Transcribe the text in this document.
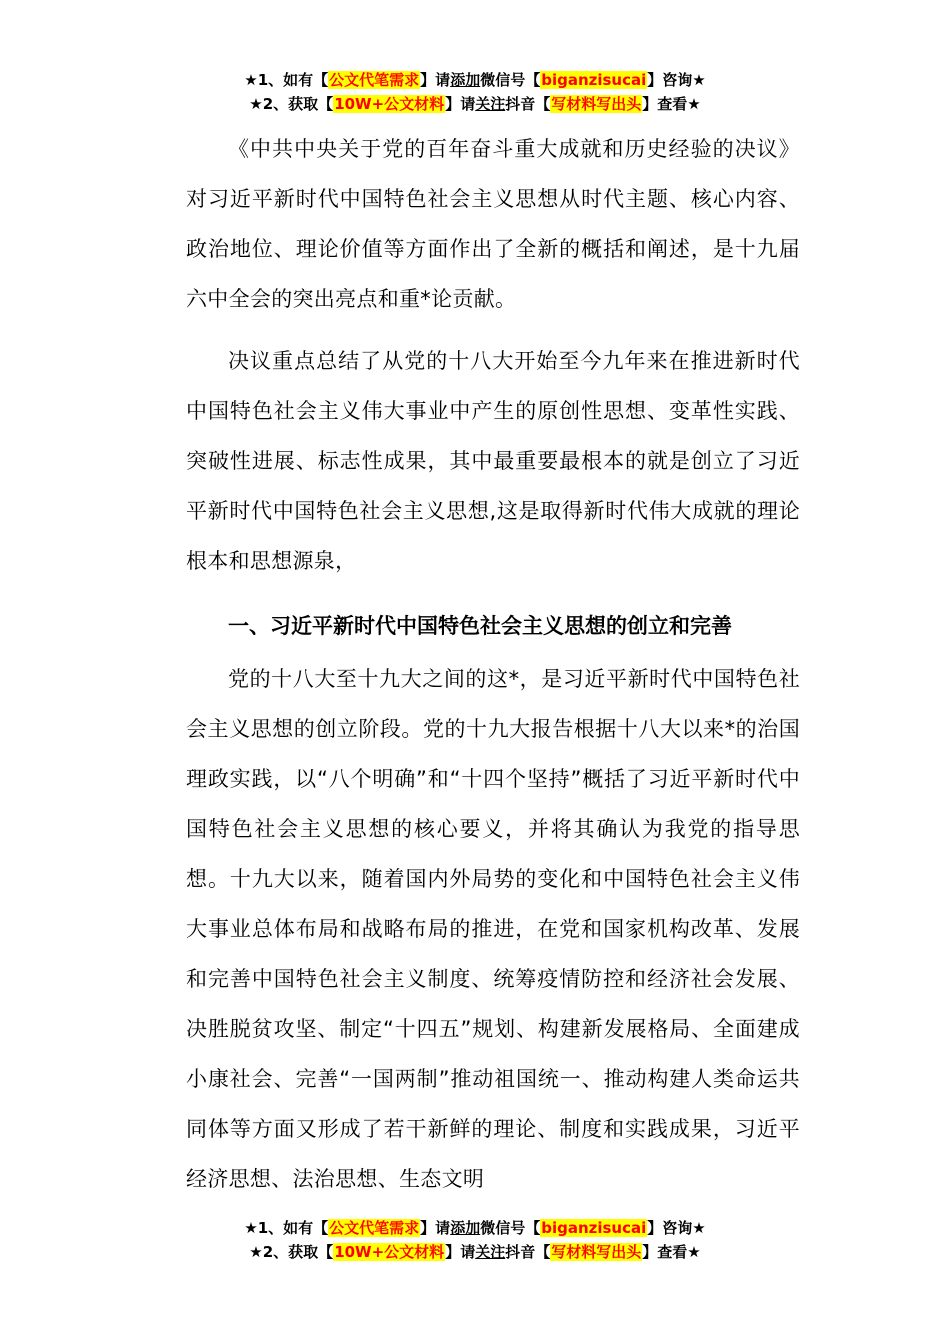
★1、如有【公文代笔需求】请添加微信号【biganzisucai】咨询★
★2、获取【10W+公文材料】请关注抖音【写材料写出头】查看★

《中共中央关于党的百年奋斗重大成就和历史经验的决议》对习近平新时代中国特色社会主义思想从时代主题、核心内容、政治地位、理论价值等方面作出了全新的概括和阐述，是十九届六中全会的突出亮点和重*论贡献。

决议重点总结了从党的十八大开始至今九年来在推进新时代中国特色社会主义伟大事业中产生的原创性思想、变革性实践、突破性进展、标志性成果，其中最重要最根本的就是创立了习近平新时代中国特色社会主义思想,这是取得新时代伟大成就的理论根本和思想源泉，

一、习近平新时代中国特色社会主义思想的创立和完善

党的十八大至十九大之间的这*，是习近平新时代中国特色社会主义思想的创立阶段。党的十九大报告根据十八大以来*的治国理政实践，以“八个明确”和“十四个坚持”概括了习近平新时代中国特色社会主义思想的核心要义，并将其确认为我党的指导思想。十九大以来，随着国内外局势的变化和中国特色社会主义伟大事业总体布局和战略布局的推进，在党和国家机构改革、发展和完善中国特色社会主义制度、统筹疫情防控和经济社会发展、决胜脱贫攻坚、制定“十四五”规划、构建新发展格局、全面建成小康社会、完善“一国两制”推动祖国统一、推动构建人类命运共同体等方面又形成了若干新鲜的理论、制度和实践成果，习近平经济思想、法治思想、生态文明

★1、如有【公文代笔需求】请添加微信号【biganzisucai】咨询★
★2、获取【10W+公文材料】请关注抖音【写材料写出头】查看★
